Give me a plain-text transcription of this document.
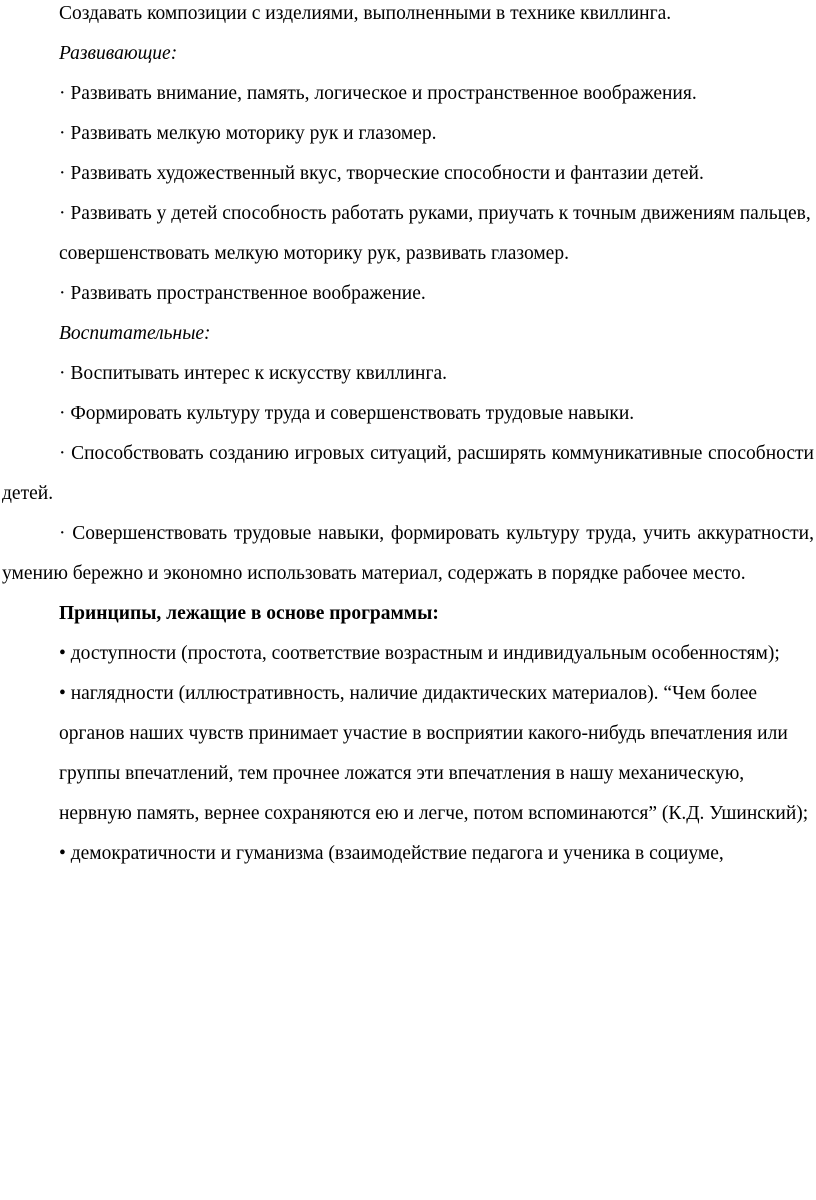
Создавать композиции с изделиями, выполненными в технике квиллинга.

Развивающие:

· Развивать внимание, память, логическое и пространственное воображения.

· Развивать мелкую моторику рук и глазомер.

· Развивать художественный вкус, творческие способности и фантазии детей.

· Развивать у детей способность работать руками, приучать к точным движениям пальцев,

совершенствовать мелкую моторику рук, развивать глазомер.

· Развивать пространственное воображение.

Воспитательные:

· Воспитывать интерес к искусству квиллинга.

· Формировать культуру труда и совершенствовать трудовые навыки.

· Способствовать созданию игровых ситуаций, расширять коммуникативные способности детей.

· Совершенствовать трудовые навыки, формировать культуру труда, учить аккуратности, умению бережно и экономно использовать материал, содержать в порядке рабочее место.

Принципы, лежащие в основе программы:

• доступности (простота, соответствие возрастным и индивидуальным особенностям);

• наглядности (иллюстративность, наличие дидактических материалов). “Чем более

органов наших чувств принимает участие в восприятии какого-нибудь впечатления или

группы впечатлений, тем прочнее ложатся эти впечатления в нашу механическую,

нервную память, вернее сохраняются ею и легче, потом вспоминаются” (К.Д. Ушинский);

• демократичности и гуманизма (взаимодействие педагога и ученика в социуме,
